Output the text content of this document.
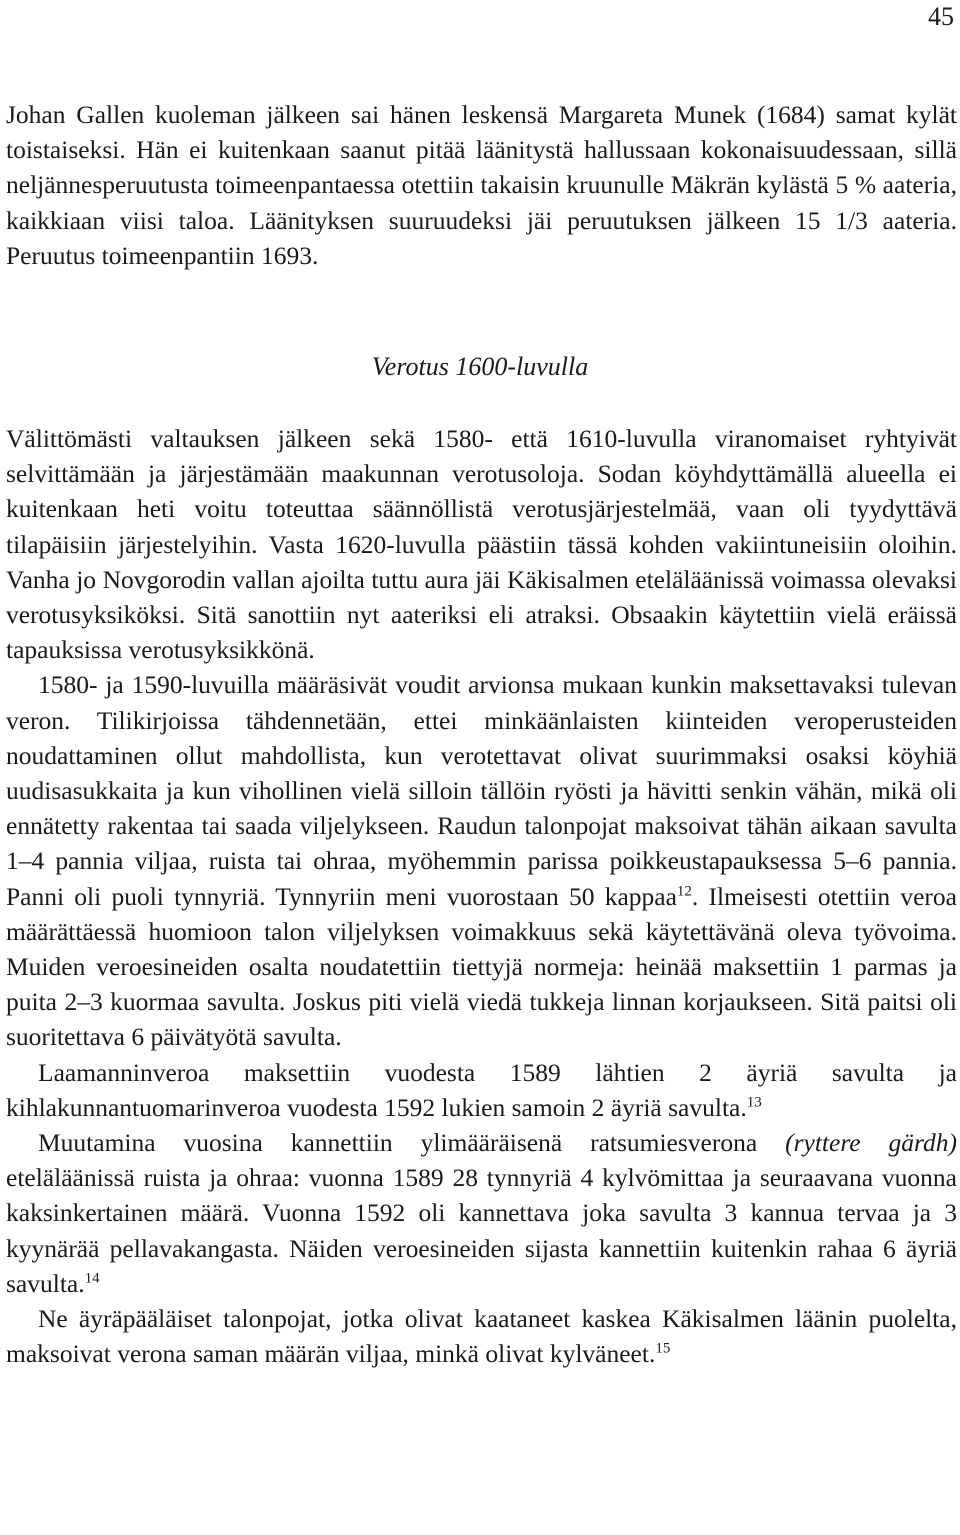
45

Johan Gallen kuoleman jälkeen sai hänen leskensä Margareta Munek (1684) samat kylät toistaiseksi. Hän ei kuitenkaan saanut pitää läänitystä hallussaan kokonaisuudessaan, sillä neljännesperuutusta toimeenpantaessa otettiin takaisin kruunulle Mäkrän kylästä 5 % aateria, kaikkiaan viisi taloa. Läänityksen suuruudeksi jäi peruutuksen jälkeen 15 1/3 aateria. Peruutus toimeenpantiin 1693.

Verotus 1600-luvulla

Välittömästi valtauksen jälkeen sekä 1580- että 1610-luvulla viranomaiset ryhtyivät selvittämään ja järjestämään maakunnan verotusoloja. Sodan köyhdyttämällä alueella ei kuitenkaan heti voitu toteuttaa säännöllistä verotusjärjestelmää, vaan oli tyydyttävä tilapäisiin järjestelyihin. Vasta 1620-luvulla päästiin tässä kohden vakiintuneisiin oloihin. Vanha jo Novgorodin vallan ajoilta tuttu aura jäi Käkisalmen eteläläänissä voimassa olevaksi verotusyksiköksi. Sitä sanottiin nyt aateriksi eli atraksi. Obsaakin käytettiin vielä eräissä tapauksissa verotusyksikkönä.

1580- ja 1590-luvuilla määräsivät voudit arvionsa mukaan kunkin maksettavaksi tulevan veron. Tilikirjoissa tähdennetään, ettei minkäänlaisten kiinteiden veroperusteiden noudattaminen ollut mahdollista, kun verotettavat olivat suurimmaksi osaksi köyhiä uudisasukkaita ja kun vihollinen vielä silloin tällöin ryösti ja hävitti senkin vähän, mikä oli ennätetty rakentaa tai saada viljelykseen. Raudun talonpojat maksoivat tähän aikaan savulta 1–4 pannia viljaa, ruista tai ohraa, myöhemmin parissa poikkeustapauksessa 5–6 pannia. Panni oli puoli tynnyriä. Tynnyriin meni vuorostaan 50 kappaa$^{12}$. Ilmeisesti otettiin veroa määrättäessä huomioon talon viljelyksen voimakkuus sekä käytettävänä oleva työvoima. Muiden veroesineiden osalta noudatettiin tiettyjä normeja: heinää maksettiin 1 parmas ja puita 2–3 kuormaa savulta. Joskus piti vielä viedä tukkeja linnan korjaukseen. Sitä paitsi oli suoritettava 6 päivätyötä savulta.

Laamanninveroa maksettiin vuodesta 1589 lähtien 2 äyriä savulta ja kihlakunnantuomarinveroa vuodesta 1592 lukien samoin 2 äyriä savulta.$^{13}$

Muutamina vuosina kannettiin ylimääräisenä ratsumiesverona (ryttere gärdh) eteläläänissä ruista ja ohraa: vuonna 1589 28 tynnyriä 4 kylvömittaa ja seuraavana vuonna kaksinkertainen määrä. Vuonna 1592 oli kannettava joka savulta 3 kannua tervaa ja 3 kyynärää pellavakangasta. Näiden veroesineiden sijasta kannettiin kuitenkin rahaa 6 äyriä savulta.$^{14}$

Ne äyräpääläiset talonpojat, jotka olivat kaataneet kaskea Käkisalmen läänin puolelta, maksoivat verona saman määrän viljaa, minkä olivat kylväneet.$^{15}$
